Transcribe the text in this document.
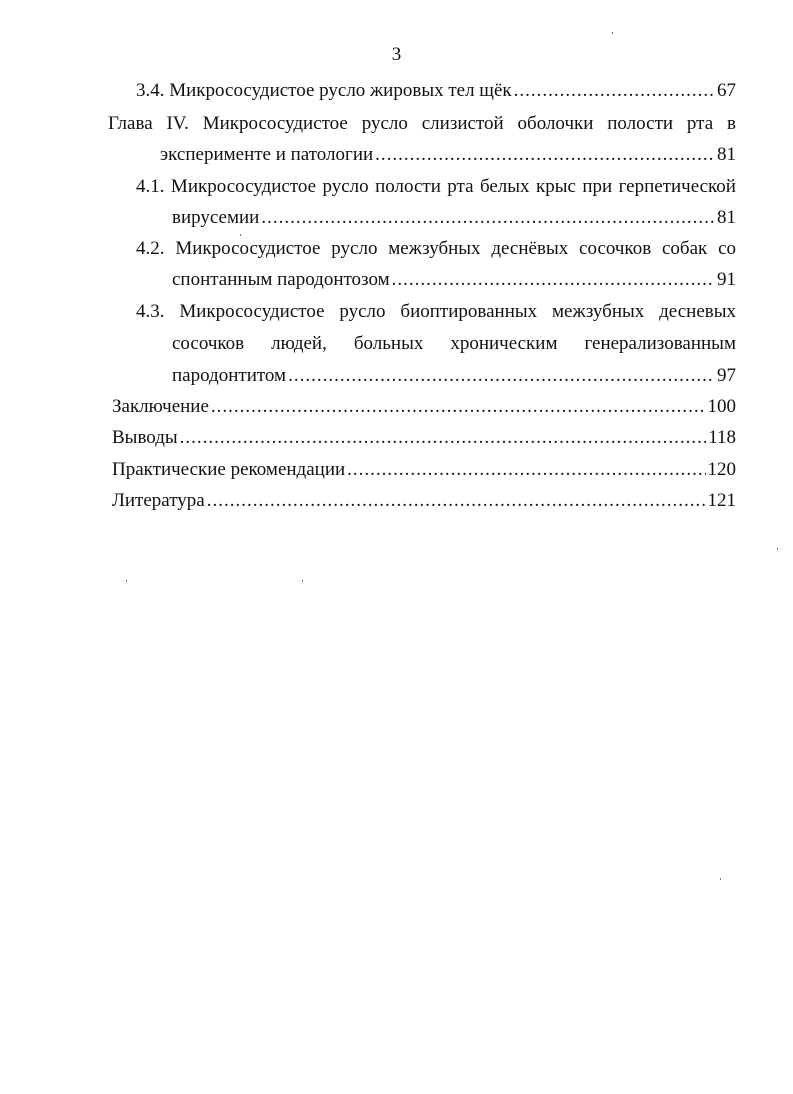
3
3.4. Микрососудистое русло жировых тел щёк .....	67
Глава IV. Микрососудистое русло слизистой оболочки полости рта в
эксперименте и патологии .....	81
4.1. Микрососудистое русло полости рта белых крыс при герпетической
вирусемии .....	81
4.2. Микрососудистое русло межзубных деснёвых сосочков собак со
спонтанным пародонтозом .....	91
4.3. Микрососудистое русло биоптированных межзубных десневых
сосочков людей, больных хроническим генерализованным
пародонтитом .....	97
Заключение .....	100
Выводы .....	118
Практические рекомендации .....	120
Литература .....	121
